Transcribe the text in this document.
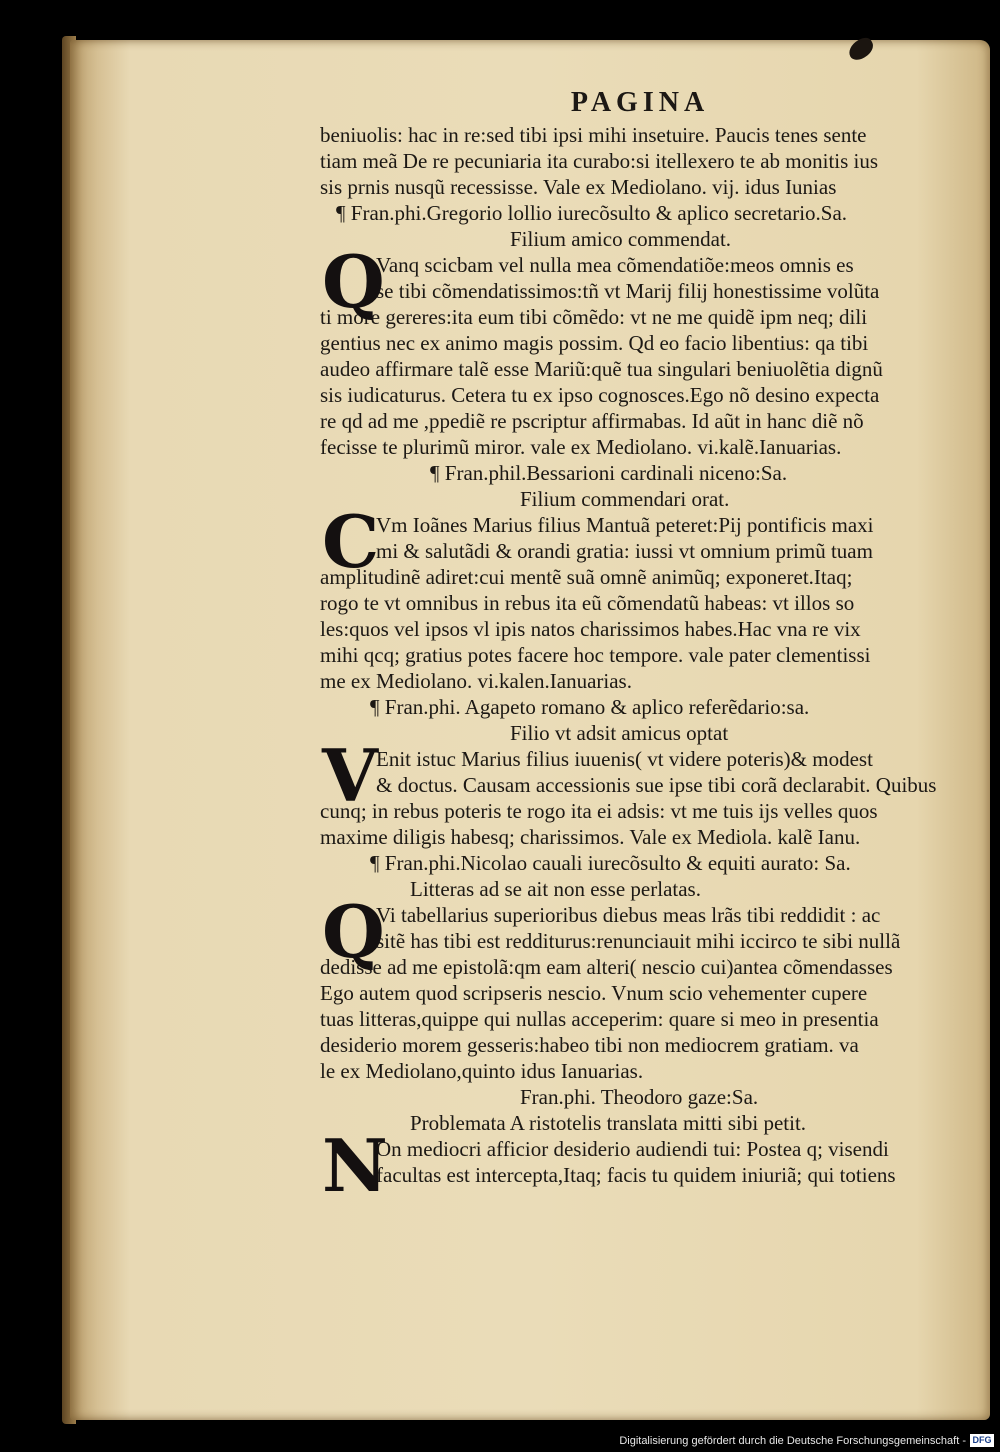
PAGINA
beniuolis: hac in re:sed tibi ipsi mihi insetuire. Paucis tenes sente
tiam meã De re pecuniaria ita curabo:si itellexero te ab monitis ius
sis prnis nusqũ recessisse. Vale ex Mediolano. vij. idus Iunias
¶ Fran.phi.Gregorio lollio iurecõsulto & aplico secretario.Sa.
Filium amico commendat.
Q
Vanq scicbam vel nulla mea cõmendatiõe:meos omnis es
se tibi cõmendatissimos:tñ vt Marij filij honestissime volũta
ti more gereres:ita eum tibi cõmẽdo: vt ne me quidẽ ipm neq; dili
gentius nec ex animo magis possim. Qd eo facio libentius: qa tibi
audeo affirmare talẽ esse Mariũ:quẽ tua singulari beniuolẽtia dignũ
sis iudicaturus. Cetera tu ex ipso cognosces.Ego nõ desino expecta
re qd ad me ,ppediẽ re pscriptur affirmabas. Id aũt in hanc diẽ nõ
fecisse te plurimũ miror. vale ex Mediolano. vi.kalẽ.Ianuarias.
¶ Fran.phil.Bessarioni cardinali niceno:Sa.
Filium commendari orat.
C
Vm Ioãnes Marius filius Mantuã peteret:Pij pontificis maxi
mi & salutãdi & orandi gratia: iussi vt omnium primũ tuam
amplitudinẽ adiret:cui mentẽ suã omnẽ animũq; exponeret.Itaq;
rogo te vt omnibus in rebus ita eũ cõmendatũ habeas: vt illos so
les:quos vel ipsos vl ipis natos charissimos habes.Hac vna re vix
mihi qcq; gratius potes facere hoc tempore. vale pater clementissi
me ex Mediolano. vi.kalen.Ianuarias.
¶ Fran.phi. Agapeto romano & aplico referẽdario:sa.
Filio vt adsit amicus optat
V
Enit istuc Marius filius iuuenis( vt videre poteris)& modest
& doctus. Causam accessionis sue ipse tibi corã declarabit. Quibus
cunq; in rebus poteris te rogo ita ei adsis: vt me tuis ijs velles quos
maxime diligis habesq; charissimos. Vale ex Mediola. kalẽ Ianu.
¶ Fran.phi.Nicolao cauali iurecõsulto & equiti aurato: Sa.
Litteras ad se ait non esse perlatas.
Q
Vi tabellarius superioribus diebus meas lrãs tibi reddidit : ac
sitẽ has tibi est redditurus:renunciauit mihi iccirco te sibi nullã
dedisse ad me epistolã:qm eam alteri( nescio cui)antea cõmendasses
Ego autem quod scripseris nescio. Vnum scio vehementer cupere
tuas litteras,quippe qui nullas acceperim: quare si meo in presentia
desiderio morem gesseris:habeo tibi non mediocrem gratiam. va
le ex Mediolano,quinto idus Ianuarias.
Fran.phi. Theodoro gaze:Sa.
Problemata A ristotelis translata mitti sibi petit.
N
On mediocri afficior desiderio audiendi tui: Postea q; visendi
facultas est intercepta,Itaq; facis tu quidem iniuriã; qui totiens
Digitalisierung gefördert durch die Deutsche Forschungsgemeinschaft - DFG
